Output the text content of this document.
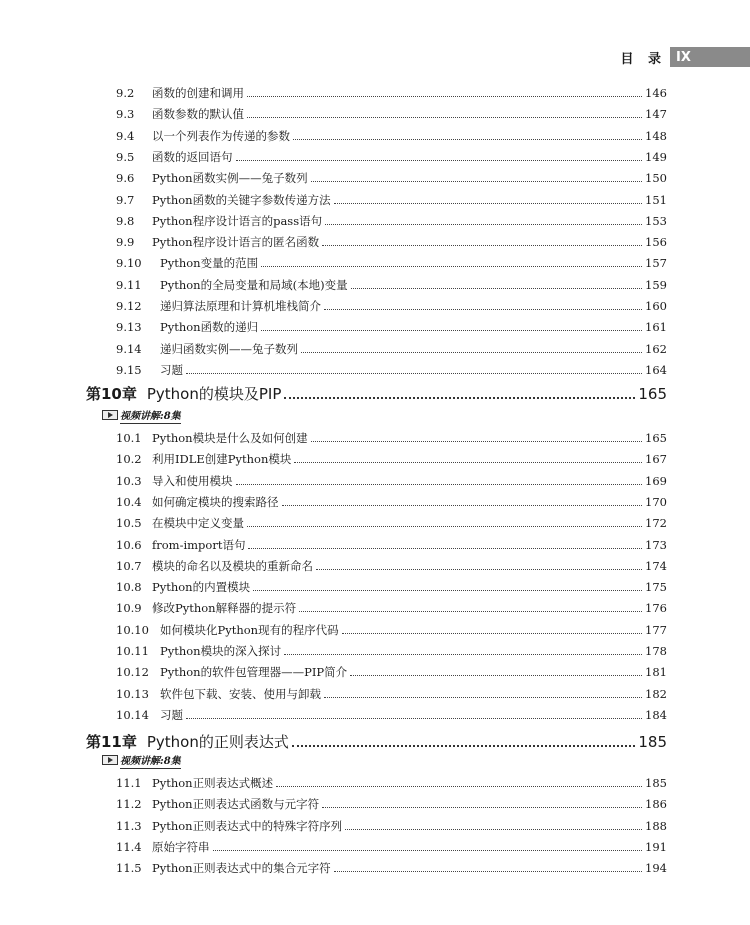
目 录 IX
9.2	函数的创建和调用	146
9.3	函数参数的默认值	147
9.4	以一个列表作为传递的参数	148
9.5	函数的返回语句	149
9.6	Python函数实例——兔子数列	150
9.7	Python函数的关键字参数传递方法	151
9.8	Python程序设计语言的pass语句	153
9.9	Python程序设计语言的匿名函数	156
9.10	Python变量的范围	157
9.11	Python的全局变量和局域(本地)变量	159
9.12	递归算法原理和计算机堆栈简介	160
9.13	Python函数的递归	161
9.14	递归函数实例——兔子数列	162
9.15	习题	164
第10章 Python的模块及PIP	165
视频讲解:8集
10.1 Python模块是什么及如何创建	165
10.2 利用IDLE创建Python模块	167
10.3 导入和使用模块	169
10.4 如何确定模块的搜索路径	170
10.5 在模块中定义变量	172
10.6 from-import语句	173
10.7 模块的命名以及模块的重新命名	174
10.8 Python的内置模块	175
10.9 修改Python解释器的提示符	176
10.10 如何模块化Python现有的程序代码	177
10.11 Python模块的深入探讨	178
10.12 Python的软件包管理器——PIP简介	181
10.13 软件包下载、安装、使用与卸载	182
10.14 习题	184
第11章 Python的正则表达式	185
视频讲解:8集
11.1 Python正则表达式概述	185
11.2 Python正则表达式函数与元字符	186
11.3 Python正则表达式中的特殊字符序列	188
11.4 原始字符串	191
11.5 Python正则表达式中的集合元字符	194
